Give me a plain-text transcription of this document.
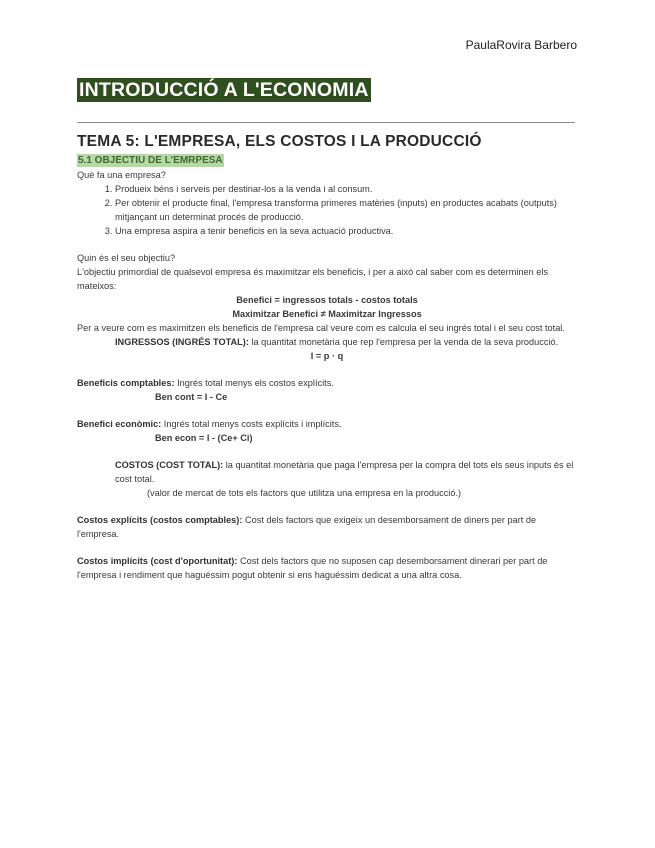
PaulaRovira Barbero
INTRODUCCIÓ A L'ECONOMIA
TEMA 5: L'EMPRESA, ELS COSTOS I LA PRODUCCIÓ
5.1 OBJECTIU DE L'EMRPESA

Què fa una empresa?

1. Produeix béns i serveis per destinar-los a la venda i al consum.
2. Per obtenir el producte final, l'empresa transforma primeres matèries (inputs) en productes acabats (outputs) mitjançant un determinat procés de producció.
3. Una empresa aspira a tenir beneficis en la seva actuació productiva.

Quin és el seu objectiu?

L'objectiu primordial de qualsevol empresa és maximitzar els beneficis, i per a això cal saber com es determinen els mateixos:

Benefici = ingressos totals - costos totals

Maximitzar Benefici ≠ Maximitzar Ingressos

Per a veure com es maximitzen els beneficis de l'empresa cal veure com es calcula el seu ingrés total i el seu cost total.

INGRESSOS (INGRÉS TOTAL): la quantitat monetària que rep l'empresa per la venda de la seva producció.

I = p · q

Beneficis comptables: Ingrés total menys els costos explícits.

Ben cont = I - Ce

Benefici econòmic: Ingrés total menys costs explícits i implícits.

Ben econ = I - (Ce+ Ci)

COSTOS (COST TOTAL): la quantitat monetària que paga l'empresa per la compra del tots els seus inputs és el cost total.

(valor de mercat de tots els factors que utilitza una empresa en la producció.)

Costos explícits (costos comptables): Cost dels factors que exigeix un desemborsament de diners per part de l'empresa.

Costos implícits (cost d'oportunitat): Cost dels factors que no suposen cap desemborsament dinerari per part de l'empresa i rendiment que haguéssim pogut obtenir si ens haguéssim dedicat a una altra cosa.
